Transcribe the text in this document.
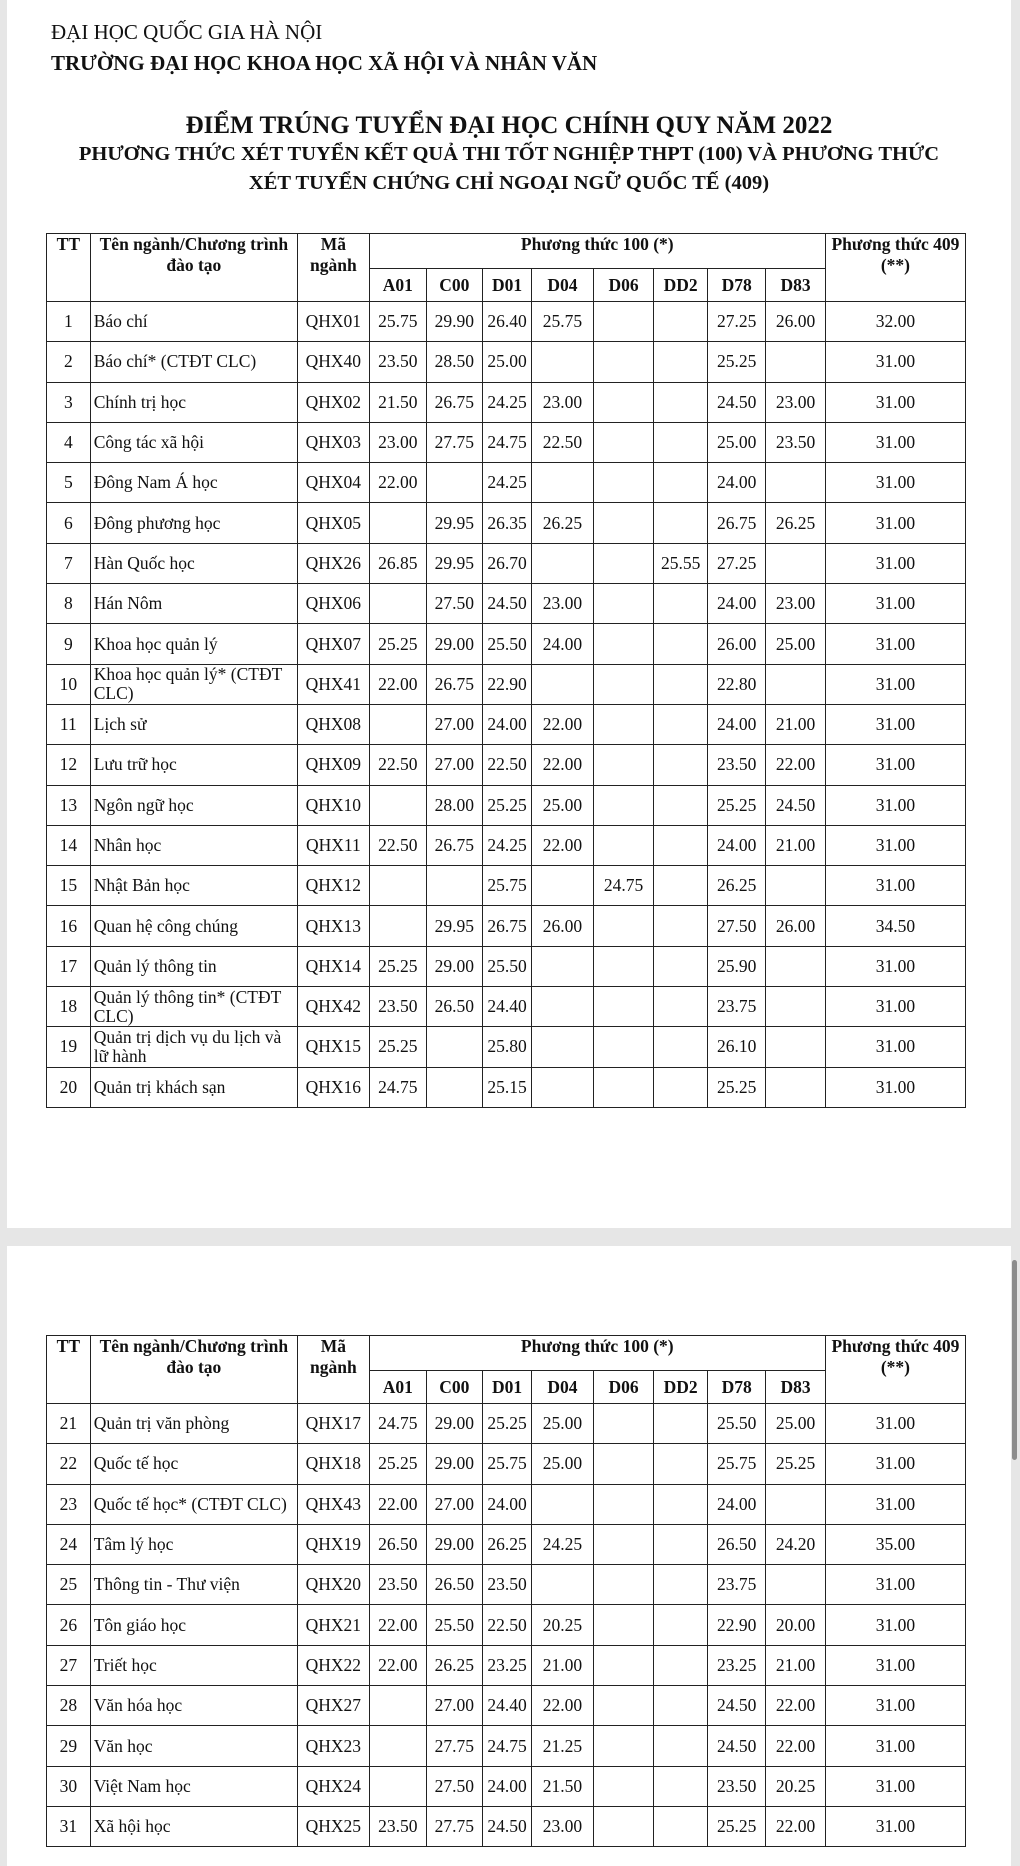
ĐẠI HỌC QUỐC GIA HÀ NỘI
TRƯỜNG ĐẠI HỌC KHOA HỌC XÃ HỘI VÀ NHÂN VĂN
ĐIỂM TRÚNG TUYỂN ĐẠI HỌC CHÍNH QUY NĂM 2022
PHƯƠNG THỨC XÉT TUYỂN KẾT QUẢ THI TỐT NGHIỆP THPT (100) VÀ PHƯƠNG THỨC
XÉT TUYỂN CHỨNG CHỈ NGOẠI NGỮ QUỐC TẾ (409)
TT	Tên ngành/Chương trình đào tạo	Mã ngành	Phương thức 100 (*)								Phương thức 409 (**)
			A01	C00	D01	D04	D06	DD2	D78	D83	
1	Báo chí	QHX01	25.75	29.90	26.40	25.75			27.25	26.00	32.00
2	Báo chí* (CTĐT CLC)	QHX40	23.50	28.50	25.00				25.25		31.00
3	Chính trị học	QHX02	21.50	26.75	24.25	23.00			24.50	23.00	31.00
4	Công tác xã hội	QHX03	23.00	27.75	24.75	22.50			25.00	23.50	31.00
5	Đông Nam Á học	QHX04	22.00		24.25				24.00		31.00
6	Đông phương học	QHX05		29.95	26.35	26.25			26.75	26.25	31.00
7	Hàn Quốc học	QHX26	26.85	29.95	26.70			25.55	27.25		31.00
8	Hán Nôm	QHX06		27.50	24.50	23.00			24.00	23.00	31.00
9	Khoa học quản lý	QHX07	25.25	29.00	25.50	24.00			26.00	25.00	31.00
10	Khoa học quản lý* (CTĐT CLC)	QHX41	22.00	26.75	22.90				22.80		31.00
11	Lịch sử	QHX08		27.00	24.00	22.00			24.00	21.00	31.00
12	Lưu trữ học	QHX09	22.50	27.00	22.50	22.00			23.50	22.00	31.00
13	Ngôn ngữ học	QHX10		28.00	25.25	25.00			25.25	24.50	31.00
14	Nhân học	QHX11	22.50	26.75	24.25	22.00			24.00	21.00	31.00
15	Nhật Bản học	QHX12			25.75		24.75		26.25		31.00
16	Quan hệ công chúng	QHX13		29.95	26.75	26.00			27.50	26.00	34.50
17	Quản lý thông tin	QHX14	25.25	29.00	25.50				25.90		31.00
18	Quản lý thông tin* (CTĐT CLC)	QHX42	23.50	26.50	24.40				23.75		31.00
19	Quản trị dịch vụ du lịch và lữ hành	QHX15	25.25		25.80				26.10		31.00
20	Quản trị khách sạn	QHX16	24.75		25.15				25.25		31.00
TT	Tên ngành/Chương trình đào tạo	Mã ngành	Phương thức 100 (*)								Phương thức 409 (**)
			A01	C00	D01	D04	D06	DD2	D78	D83	
21	Quản trị văn phòng	QHX17	24.75	29.00	25.25	25.00			25.50	25.00	31.00
22	Quốc tế học	QHX18	25.25	29.00	25.75	25.00			25.75	25.25	31.00
23	Quốc tế học* (CTĐT CLC)	QHX43	22.00	27.00	24.00				24.00		31.00
24	Tâm lý học	QHX19	26.50	29.00	26.25	24.25			26.50	24.20	35.00
25	Thông tin - Thư viện	QHX20	23.50	26.50	23.50				23.75		31.00
26	Tôn giáo học	QHX21	22.00	25.50	22.50	20.25			22.90	20.00	31.00
27	Triết học	QHX22	22.00	26.25	23.25	21.00			23.25	21.00	31.00
28	Văn hóa học	QHX27		27.00	24.40	22.00			24.50	22.00	31.00
29	Văn học	QHX23		27.75	24.75	21.25			24.50	22.00	31.00
30	Việt Nam học	QHX24		27.50	24.00	21.50			23.50	20.25	31.00
31	Xã hội học	QHX25	23.50	27.75	24.50	23.00			25.25	22.00	31.00
